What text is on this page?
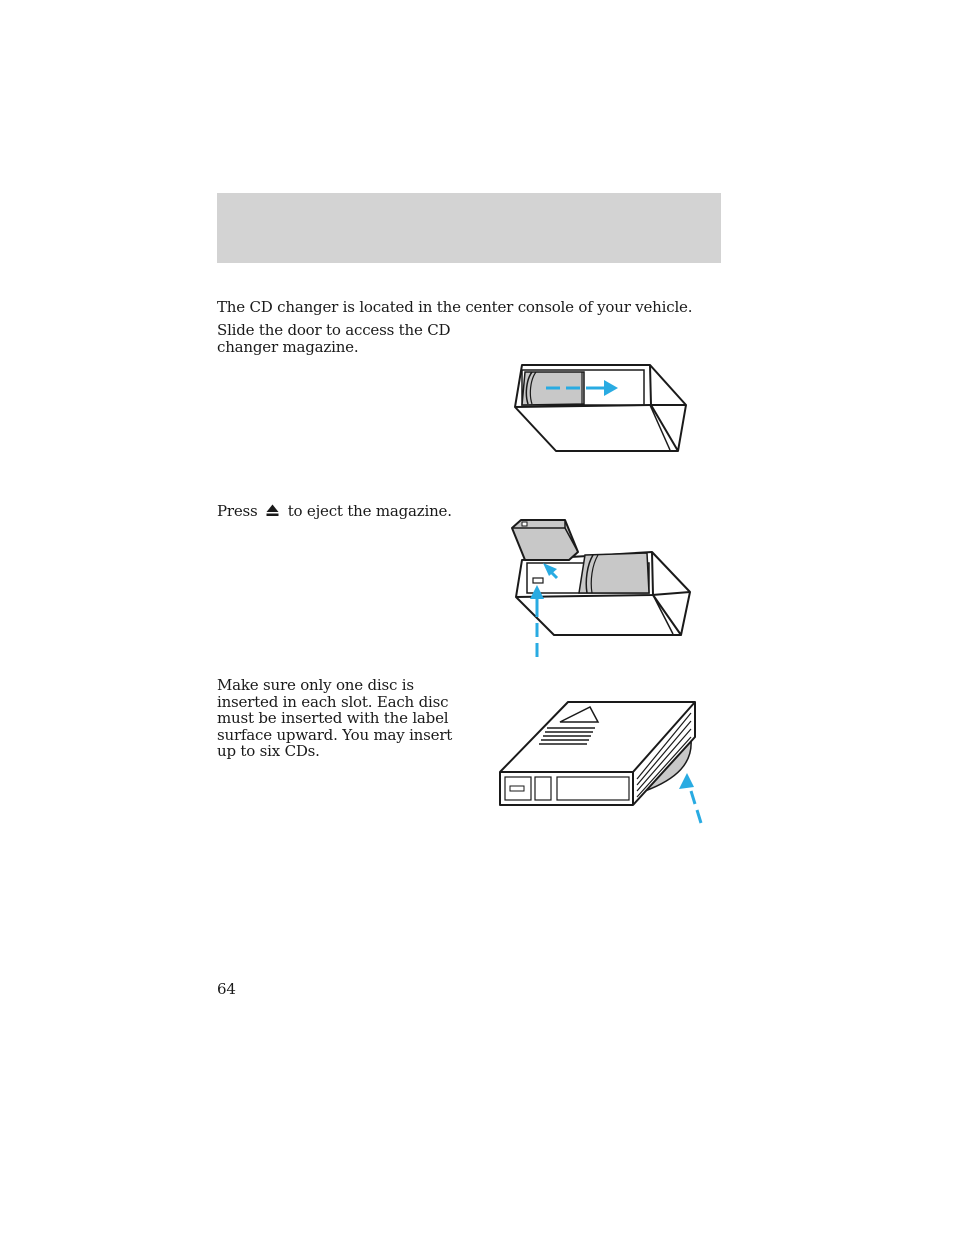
The CD changer is located in the center console of your vehicle.

Slide the door to access the CD changer magazine.

Press to eject the magazine.

Make sure only one disc is inserted in each slot. Each disc must be inserted with the label surface upward. You may insert up to six CDs.

64
